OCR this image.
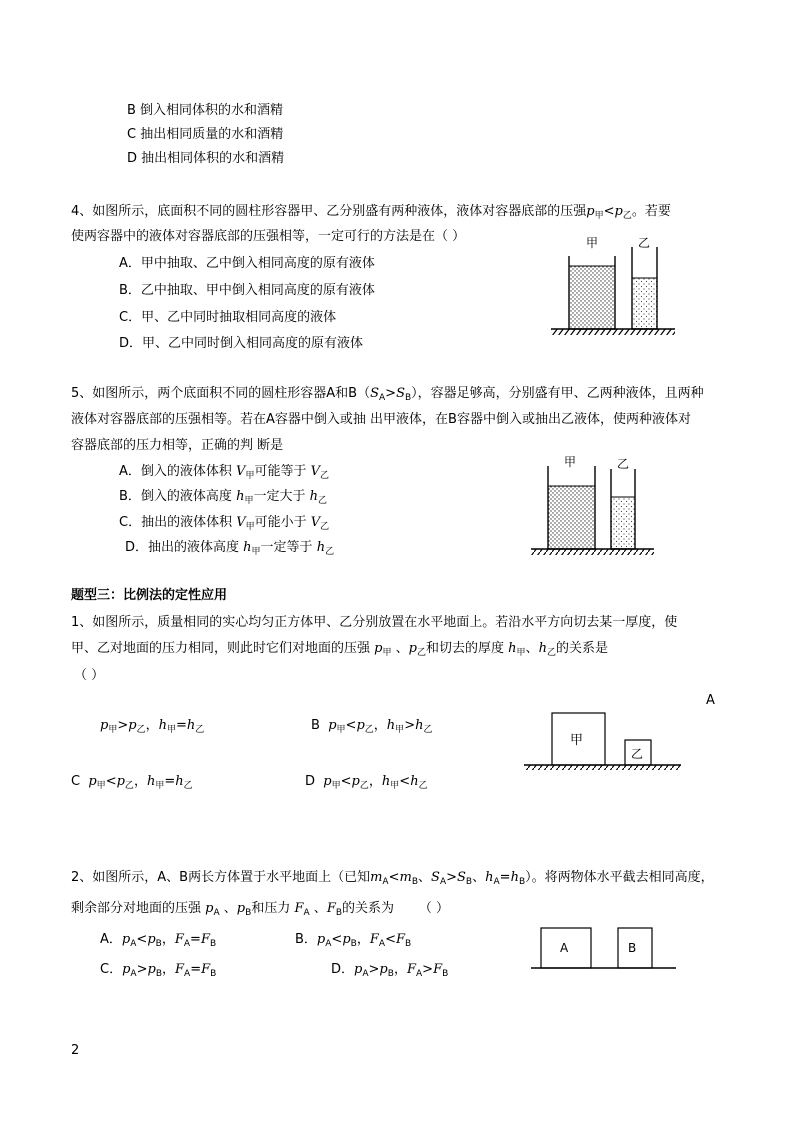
B 倒入相同体积的水和酒精
C 抽出相同质量的水和酒精
D 抽出相同体积的水和酒精
4、如图所示，底面积不同的圆柱形容器甲、乙分别盛有两种液体，液体对容器底部的压强$p_甲<p_乙$。若要
使两容器中的液体对容器底部的压强相等，一定可行的方法是在（ ）
A．甲中抽取、乙中倒入相同高度的原有液体
B．乙中抽取、甲中倒入相同高度的原有液体
C．甲、乙中同时抽取相同高度的液体
D．甲、乙中同时倒入相同高度的原有液体
5、如图所示，两个底面积不同的圆柱形容器A和$B(S_A>S_B)$，容器足够高，分别盛有甲、乙两种液体，且两种
液体对容器底部的压强相等。若在A容器中倒入或抽 出甲液体，在B容器中倒入或抽出乙液体，使两种液体对
容器底部的压力相等，正确的判 断是
A．倒入的液体体积 $V_甲$可能等于 $V_乙$
B．倒入的液体高度 $h_甲$一定大于 $h_乙$
C．抽出的液体体积 $V_甲$可能小于 $V_乙$
D．抽出的液体高度 $h_甲$一定等于 $h_乙$
题型三：比例法的定性应用
1、如图所示，质量相同的实心均匀正方体甲、乙分别放置在水平地面上。若沿水平方向切去某一厚度，使
甲、乙对地面的压力相同，则此时它们对地面的压强 $p_甲$ 、$p_乙$和切去的厚度 $h_甲$、$h_乙$的关系是
（ ）
A
$p_甲>p_乙$，$h_甲=h_乙$	B $p_甲<p_乙$，$h_甲>h_乙$
C $p_甲<p_乙$，$h_甲=h_乙$	D $p_甲<p_乙$，$h_甲<h_乙$
2、如图所示，A、B两长方体置于水平地面上（已知$m_A<m_B$、$S_A>S_B$、$h_A=h_B$）。将两物体水平截去相同高度，
剩余部分对地面的压强 $p_A$ 、$p_B$和压力 $F_A$ 、$F_B$的关系为 （ ）
A．$p_A<p_B$，$F_A=F_B$	B．$p_A<p_B$，$F_A<F_B$
C．$p_A>p_B$，$F_A=F_B$	D．$p_A>p_B$，$F_A>F_B$
2
甲	乙
甲	乙
甲
乙
A	B
